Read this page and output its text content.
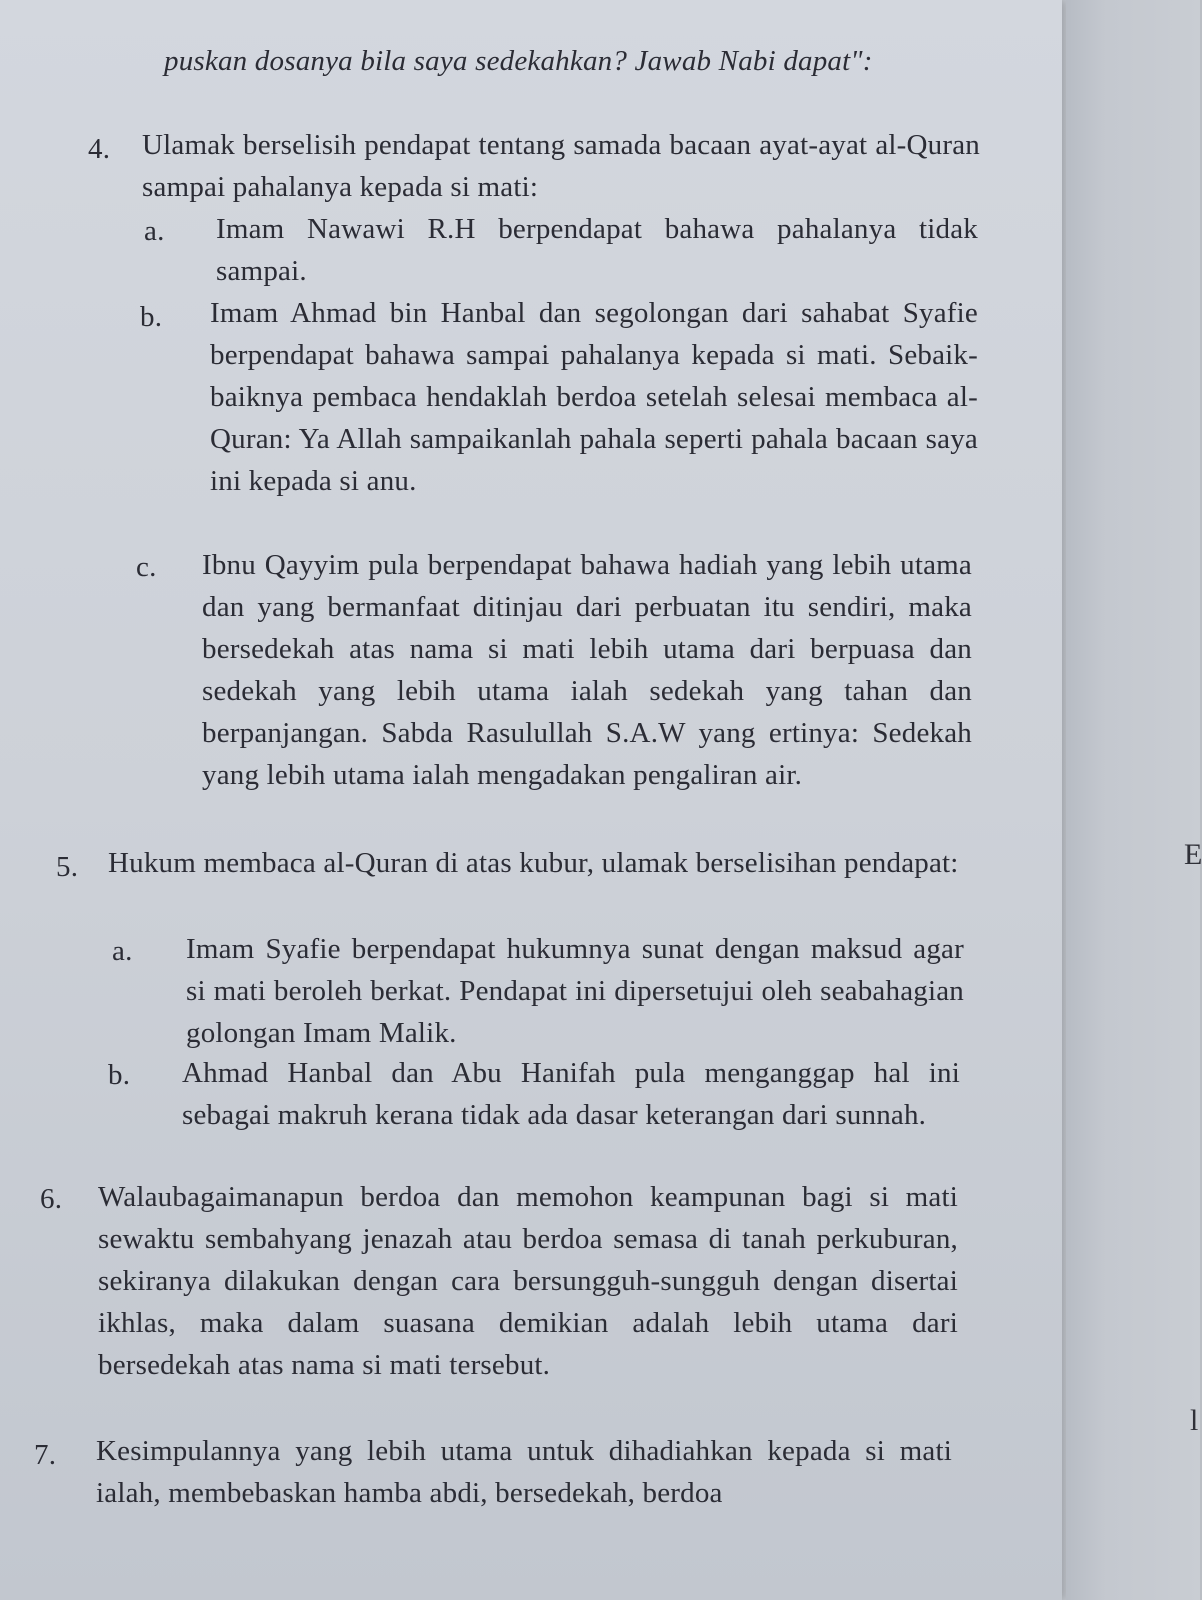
puskan dosanya bila saya sedekahkan? Jawab Nabi dapat":
4. Ulamak berselisih pendapat tentang samada bacaan ayat-ayat al-Quran sampai pahalanya kepada si mati:
a. Imam Nawawi R.H berpendapat bahawa pahalanya tidak sampai.
b. Imam Ahmad bin Hanbal dan segolongan dari sahabat Syafie berpendapat bahawa sampai pahalanya kepada si mati. Sebaik- baiknya pembaca hendaklah berdoa setelah selesai membaca al-Quran: Ya Allah sampaikanlah pahala seperti pahala bacaan saya ini kepada si anu.
c. Ibnu Qayyim pula berpendapat bahawa hadiah yang lebih utama dan yang bermanfaat ditinjau dari perbuatan itu sendiri, maka bersedekah atas nama si mati lebih utama dari berpuasa dan sedekah yang lebih utama ialah sedekah yang tahan dan berpanjangan. Sabda Rasulullah S.A.W yang ertinya: Sedekah yang lebih utama ialah mengadakan pengaliran air.
5. Hukum membaca al-Quran di atas kubur, ulamak berselisihan pendapat:
a. Imam Syafie berpendapat hukumnya sunat dengan maksud agar si mati beroleh berkat. Pendapat ini dipersetujui oleh seabahagian golongan Imam Malik.
b. Ahmad Hanbal dan Abu Hanifah pula menganggap hal ini sebagai makruh kerana tidak ada dasar keterangan dari sunnah.
6. Walaubagaimanapun berdoa dan memohon keampunan bagi si mati sewaktu sembahyang jenazah atau berdoa semasa di tanah perkuburan, sekiranya dilakukan dengan cara bersungguh-sungguh dengan disertai ikhlas, maka dalam suasana demikian adalah lebih utama dari bersedekah atas nama si mati tersebut.
7. Kesimpulannya yang lebih utama untuk dihadiahkan kepada si mati ialah, membebaskan hamba abdi, bersedekah, berdoa
E
l
